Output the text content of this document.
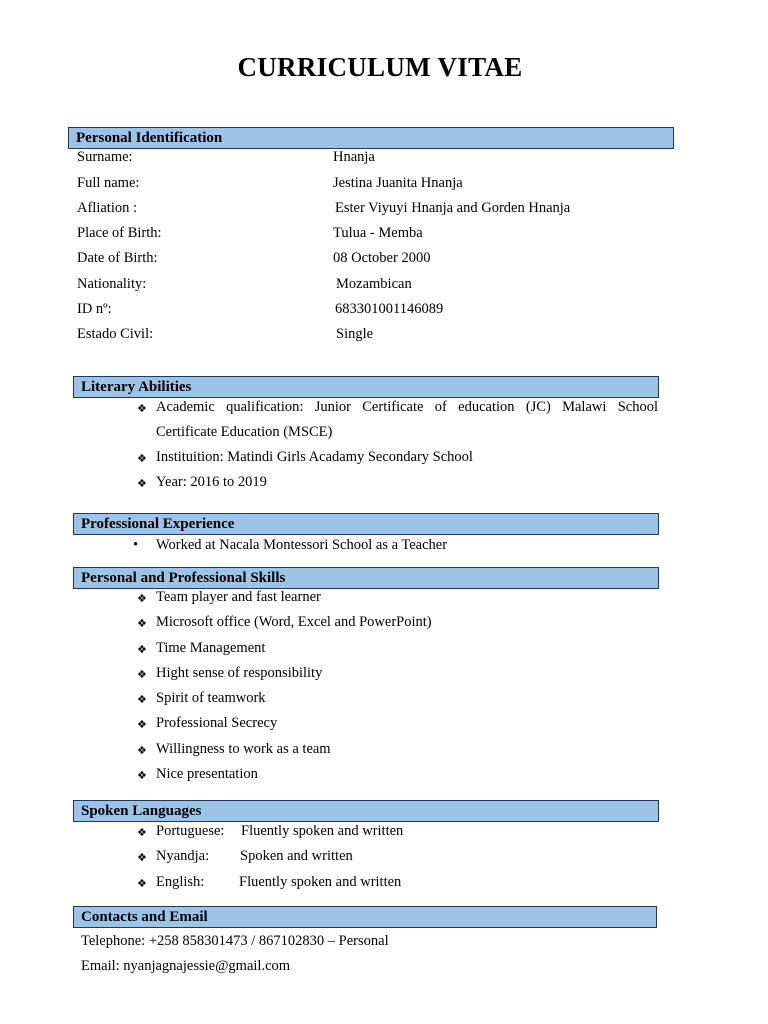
CURRICULUM VITAE
Personal Identification
Surname:	Hnanja
Full name:	Jestina Juanita Hnanja
Afliation :	Ester Viyuyi Hnanja and Gorden Hnanja
Place of Birth:	Tulua - Memba
Date of Birth:	08 October 2000
Nationality:	Mozambican
ID nº:	683301001146089
Estado Civil:	Single
Literary Abilities
❖ Academic qualification: Junior Certificate of education (JC) Malawi School
Certificate Education (MSCE)
❖ Instituition: Matindi Girls Acadamy Secondary School
❖ Year: 2016 to 2019
Professional Experience
• Worked at Nacala Montessori School as a Teacher
Personal and Professional Skills
❖ Team player and fast learner
❖ Microsoft office (Word, Excel and PowerPoint)
❖ Time Management
❖ Hight sense of responsibility
❖ Spirit of teamwork
❖ Professional Secrecy
❖ Willingness to work as a team
❖ Nice presentation
Spoken Languages
❖ Portuguese: Fluently spoken and written
❖ Nyandja: Spoken and written
❖ English: Fluently spoken and written
Contacts and Email
Telephone: +258 858301473 / 867102830 – Personal
Email: nyanjagnajessie@gmail.com
